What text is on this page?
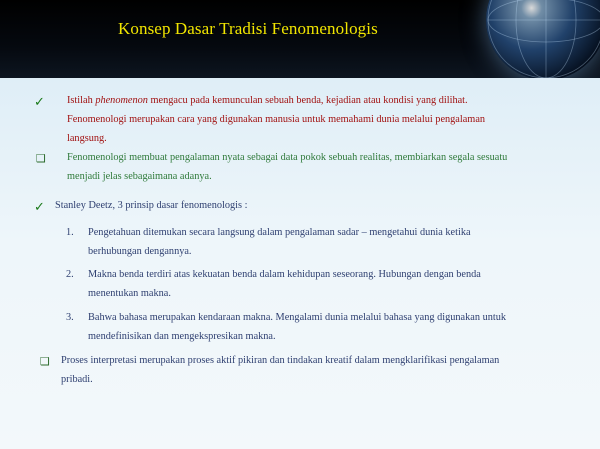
Konsep Dasar Tradisi Fenomenologis
✓ Istilah phenomenon mengacu pada kemunculan sebuah benda, kejadian atau kondisi yang dilihat.
Fenomenologi merupakan cara yang digunakan manusia untuk memahami dunia melalui pengalaman
langsung.
❑ Fenomenologi membuat pengalaman nyata sebagai data pokok sebuah realitas, membiarkan segala sesuatu
menjadi jelas sebagaimana adanya.
✓ Stanley Deetz, 3 prinsip dasar fenomenologis :
1. Pengetahuan ditemukan secara langsung dalam pengalaman sadar – mengetahui dunia ketika
berhubungan dengannya.
2. Makna benda terdiri atas kekuatan benda dalam kehidupan seseorang. Hubungan dengan benda
menentukan makna.
3. Bahwa bahasa merupakan kendaraan makna. Mengalami dunia melalui bahasa yang digunakan untuk
mendefinisikan dan mengekspresikan makna.
❑ Proses interpretasi merupakan proses aktif pikiran dan tindakan kreatif dalam mengklarifikasi pengalaman
pribadi.
